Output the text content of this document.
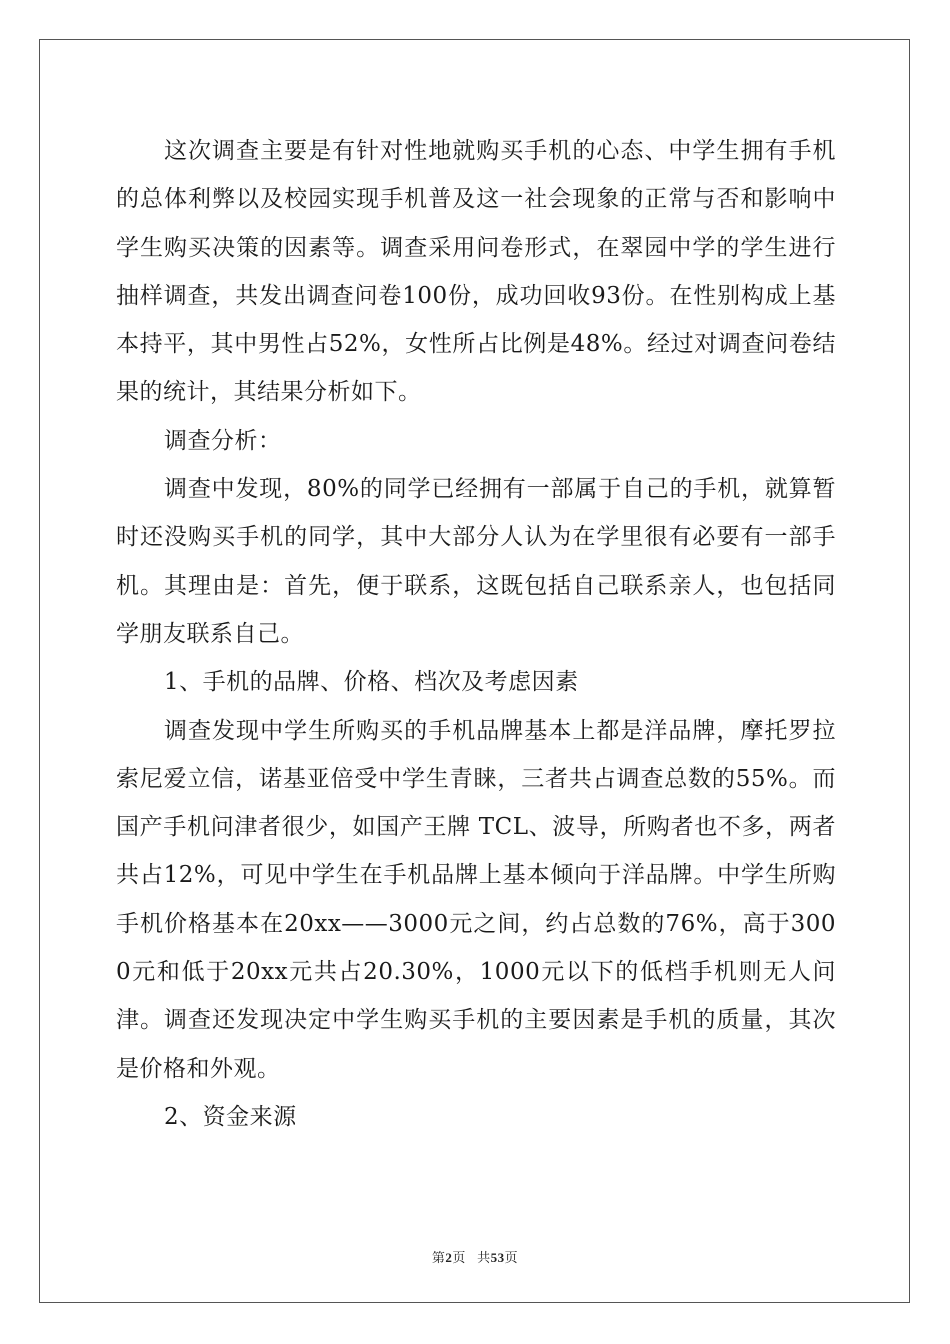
这次调查主要是有针对性地就购买手机的心态、中学生拥有手机的总体利弊以及校园实现手机普及这一社会现象的正常与否和影响中学生购买决策的因素等。调查采用问卷形式，在翠园中学的学生进行抽样调查，共发出调查问卷100份，成功回收93份。在性别构成上基本持平，其中男性占52%，女性所占比例是48%。经过对调查问卷结果的统计，其结果分析如下。

调查分析：

调查中发现，80%的同学已经拥有一部属于自己的手机，就算暂时还没购买手机的同学，其中大部分人认为在学里很有必要有一部手机。其理由是：首先，便于联系，这既包括自己联系亲人，也包括同学朋友联系自己。

1、手机的品牌、价格、档次及考虑因素

调查发现中学生所购买的手机品牌基本上都是洋品牌，摩托罗拉索尼爱立信，诺基亚倍受中学生青睐，三者共占调查总数的55%。而国产手机问津者很少，如国产王牌 TCL、波导，所购者也不多，两者共占12%，可见中学生在手机品牌上基本倾向于洋品牌。中学生所购手机价格基本在20xx——3000元之间，约占总数的76%，高于3000元和低于20xx元共占20.30%，1000元以下的低档手机则无人问津。调查还发现决定中学生购买手机的主要因素是手机的质量，其次是价格和外观。

2、资金来源

第2页 共53页
